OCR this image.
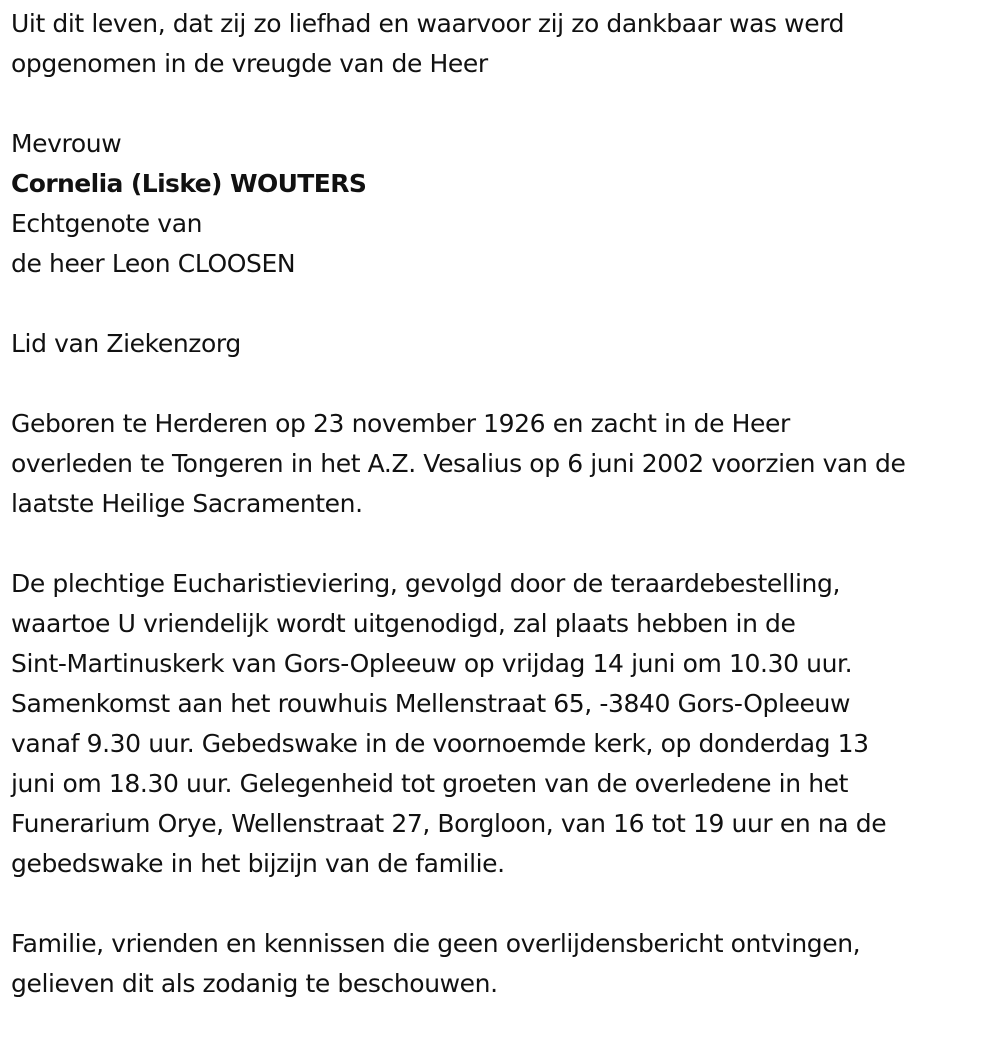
Uit dit leven, dat zij zo liefhad en waarvoor zij zo dankbaar was werd
opgenomen in de vreugde van de Heer
Mevrouw
Cornelia (Liske) WOUTERS
Echtgenote van
de heer Leon CLOOSEN
Lid van Ziekenzorg
Geboren te Herderen op 23 november 1926 en zacht in de Heer
overleden te Tongeren in het A.Z. Vesalius op 6 juni 2002 voorzien van de
laatste Heilige Sacramenten.
De plechtige Eucharistieviering, gevolgd door de teraardebestelling,
waartoe U vriendelijk wordt uitgenodigd, zal plaats hebben in de
Sint-Martinuskerk van Gors-Opleeuw op vrijdag 14 juni om 10.30 uur.
Samenkomst aan het rouwhuis Mellenstraat 65, -3840 Gors-Opleeuw
vanaf 9.30 uur. Gebedswake in de voornoemde kerk, op donderdag 13
juni om 18.30 uur. Gelegenheid tot groeten van de overledene in het
Funerarium Orye, Wellenstraat 27, Borgloon, van 16 tot 19 uur en na de
gebedswake in het bijzijn van de familie.
Familie, vrienden en kennissen die geen overlijdensbericht ontvingen,
gelieven dit als zodanig te beschouwen.
